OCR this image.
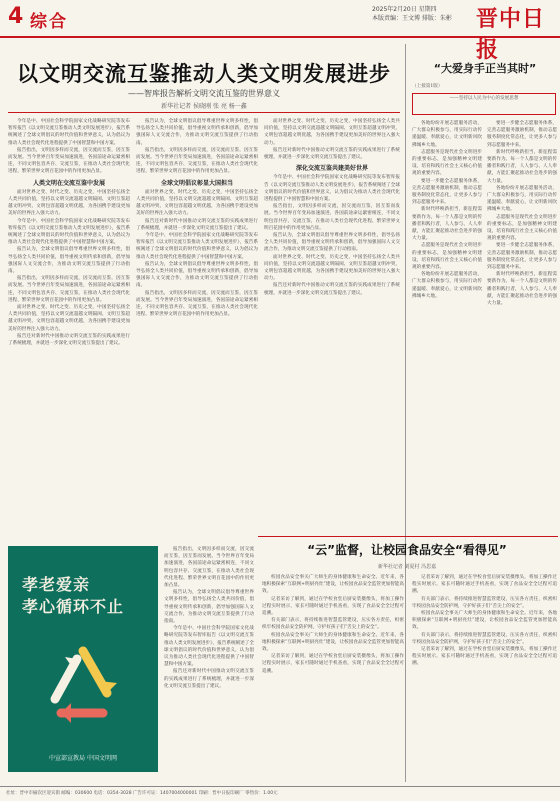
4 综合
2025年2月20日 星期四
本版责编：王文博 排版：朱彬 晋中日报
以文明交流互鉴推动人类文明发展进步
——智库报告解析文明交流互鉴的世界意义
新华社记者 侯晓刚 张 亮 杨一鑫

今年是中、中国社会科学院国家文化战略研究院等发布智库报告《以文明交流互鉴推动人类文明发展进步》，报告系统阐述了全球文明倡议的时代价值和世界意义，认为倡议为推动人类社会现代化进程提供了中国智慧和中国方案。

报告指出，文明因多样而交流，因交流而互鉴，因互鉴而发展。当今世界百年变局加速演进，各国前途命运紧密相连，不同文明包容共存、交流互鉴，在推动人类社会现代化进程、繁荣世界文明百花园中的作用更加凸显。

人类文明在交流互鉴中发展

面对世界之变、时代之变、历史之变，中国坚持弘扬全人类共同价值，坚持以文明交流超越文明隔阂、文明互鉴超越文明冲突、文明包容超越文明优越，为各国携手建设更加美好的世界注入强大动力。

今年是中、中国社会科学院国家文化战略研究院等发布智库报告《以文明交流互鉴推动人类文明发展进步》，报告系统阐述了全球文明倡议的时代价值和世界意义，认为倡议为推动人类社会现代化进程提供了中国智慧和中国方案。

报告认为，全球文明倡议倡导尊重世界文明多样性，倡导弘扬全人类共同价值，倡导重视文明传承和创新，倡导加强国际人文交流合作，为推动文明交流互鉴提供了行动指南。

报告指出，文明因多样而交流，因交流而互鉴，因互鉴而发展。当今世界百年变局加速演进，各国前途命运紧密相连，不同文明包容共存、交流互鉴，在推动人类社会现代化进程、繁荣世界文明百花园中的作用更加凸显。

面对世界之变、时代之变、历史之变，中国坚持弘扬全人类共同价值，坚持以文明交流超越文明隔阂、文明互鉴超越文明冲突、文明包容超越文明优越，为各国携手建设更加美好的世界注入强大动力。

报告还对新时代中国推动文明交流互鉴的实践成果进行了系统梳理，并就进一步深化文明交流互鉴提出了建议。

报告认为，全球文明倡议倡导尊重世界文明多样性，倡导弘扬全人类共同价值，倡导重视文明传承和创新，倡导加强国际人文交流合作，为推动文明交流互鉴提供了行动指南。

报告指出，文明因多样而交流，因交流而互鉴，因互鉴而发展。当今世界百年变局加速演进，各国前途命运紧密相连，不同文明包容共存、交流互鉴，在推动人类社会现代化进程、繁荣世界文明百花园中的作用更加凸显。

全球文明倡议彰显大国担当

面对世界之变、时代之变、历史之变，中国坚持弘扬全人类共同价值，坚持以文明交流超越文明隔阂、文明互鉴超越文明冲突、文明包容超越文明优越，为各国携手建设更加美好的世界注入强大动力。

报告还对新时代中国推动文明交流互鉴的实践成果进行了系统梳理，并就进一步深化文明交流互鉴提出了建议。

今年是中、中国社会科学院国家文化战略研究院等发布智库报告《以文明交流互鉴推动人类文明发展进步》，报告系统阐述了全球文明倡议的时代价值和世界意义，认为倡议为推动人类社会现代化进程提供了中国智慧和中国方案。

报告认为，全球文明倡议倡导尊重世界文明多样性，倡导弘扬全人类共同价值，倡导重视文明传承和创新，倡导加强国际人文交流合作，为推动文明交流互鉴提供了行动指南。

报告指出，文明因多样而交流，因交流而互鉴，因互鉴而发展。当今世界百年变局加速演进，各国前途命运紧密相连，不同文明包容共存、交流互鉴，在推动人类社会现代化进程、繁荣世界文明百花园中的作用更加凸显。

面对世界之变、时代之变、历史之变，中国坚持弘扬全人类共同价值，坚持以文明交流超越文明隔阂、文明互鉴超越文明冲突、文明包容超越文明优越，为各国携手建设更加美好的世界注入强大动力。

报告还对新时代中国推动文明交流互鉴的实践成果进行了系统梳理，并就进一步深化文明交流互鉴提出了建议。

深化交流互鉴共建美好世界

今年是中、中国社会科学院国家文化战略研究院等发布智库报告《以文明交流互鉴推动人类文明发展进步》，报告系统阐述了全球文明倡议的时代价值和世界意义，认为倡议为推动人类社会现代化进程提供了中国智慧和中国方案。

报告指出，文明因多样而交流，因交流而互鉴，因互鉴而发展。当今世界百年变局加速演进，各国前途命运紧密相连，不同文明包容共存、交流互鉴，在推动人类社会现代化进程、繁荣世界文明百花园中的作用更加凸显。

报告认为，全球文明倡议倡导尊重世界文明多样性，倡导弘扬全人类共同价值，倡导重视文明传承和创新，倡导加强国际人文交流合作，为推动文明交流互鉴提供了行动指南。

面对世界之变、时代之变、历史之变，中国坚持弘扬全人类共同价值，坚持以文明交流超越文明隔阂、文明互鉴超越文明冲突、文明包容超越文明优越，为各国携手建设更加美好的世界注入强大动力。

报告还对新时代中国推动文明交流互鉴的实践成果进行了系统梳理，并就进一步深化文明交流互鉴提出了建议。

报告指出，文明因多样而交流，因交流而互鉴，因互鉴而发展。当今世界百年变局加速演进，各国前途命运紧密相连，不同文明包容共存、交流互鉴，在推动人类社会现代化进程、繁荣世界文明百花园中的作用更加凸显。

报告认为，全球文明倡议倡导尊重世界文明多样性，倡导弘扬全人类共同价值，倡导重视文明传承和创新，倡导加强国际人文交流合作，为推动文明交流互鉴提供了行动指南。

今年是中、中国社会科学院国家文化战略研究院等发布智库报告《以文明交流互鉴推动人类文明发展进步》，报告系统阐述了全球文明倡议的时代价值和世界意义，认为倡议为推动人类社会现代化进程提供了中国智慧和中国方案。

报告还对新时代中国推动文明交流互鉴的实践成果进行了系统梳理，并就进一步深化文明交流互鉴提出了建议。

孝老爱亲
孝心循环不止
中宣部宣教局 中国文明网
“大爱身手正当其时”
（上接第1版）
——坚持以人民为中心的发展思想

各地纷纷开展志愿服务活动，广大群众积极参与，用实际行动传递温暖、奉献爱心，让文明新风吹拂城乡大地。

志愿服务是现代社会文明进步的重要标志，是加强精神文明建设、培育和践行社会主义核心价值观的重要内容。

要进一步健全志愿服务体系，完善志愿服务激励机制，推动志愿服务制度化常态化，让更多人参与到志愿服务中来。

新时代呼唤新担当，新征程需要新作为。每一个人都是文明的传播者和践行者，人人参与、人人奉献，方能汇聚起推动社会进步的强大力量。

志愿服务是现代社会文明进步的重要标志，是加强精神文明建设、培育和践行社会主义核心价值观的重要内容。

各地纷纷开展志愿服务活动，广大群众积极参与，用实际行动传递温暖、奉献爱心，让文明新风吹拂城乡大地。

要进一步健全志愿服务体系，完善志愿服务激励机制，推动志愿服务制度化常态化，让更多人参与到志愿服务中来。

新时代呼唤新担当，新征程需要新作为。每一个人都是文明的传播者和践行者，人人参与、人人奉献，方能汇聚起推动社会进步的强大力量。

各地纷纷开展志愿服务活动，广大群众积极参与，用实际行动传递温暖、奉献爱心，让文明新风吹拂城乡大地。

志愿服务是现代社会文明进步的重要标志，是加强精神文明建设、培育和践行社会主义核心价值观的重要内容。

要进一步健全志愿服务体系，完善志愿服务激励机制，推动志愿服务制度化常态化，让更多人参与到志愿服务中来。

新时代呼唤新担当，新征程需要新作为。每一个人都是文明的传播者和践行者，人人参与、人人奉献，方能汇聚起推动社会进步的强大力量。

“云”监督，让校园食品安全“看得见”
新华社记者 刘夏村 冯思嘉

校园食品安全事关广大师生的身体健康和生命安全。近年来，各地积极探索“互联网+明厨亮灶”建设，让校园食品安全监管更加智能高效。

记者采访了解到，通过在学校食堂后厨安装摄像头，将加工操作过程实时展示，家长可随时通过手机查看，实现了食品安全全过程可追溯。

有关部门表示，将持续推进智慧监管建设，压实各方责任，织密织牢校园食品安全防护网，守护好孩子们“舌尖上的安全”。

校园食品安全事关广大师生的身体健康和生命安全。近年来，各地积极探索“互联网+明厨亮灶”建设，让校园食品安全监管更加智能高效。

记者采访了解到，通过在学校食堂后厨安装摄像头，将加工操作过程实时展示，家长可随时通过手机查看，实现了食品安全全过程可追溯。

记者采访了解到，通过在学校食堂后厨安装摄像头，将加工操作过程实时展示，家长可随时通过手机查看，实现了食品安全全过程可追溯。

有关部门表示，将持续推进智慧监管建设，压实各方责任，织密织牢校园食品安全防护网，守护好孩子们“舌尖上的安全”。

校园食品安全事关广大师生的身体健康和生命安全。近年来，各地积极探索“互联网+明厨亮灶”建设，让校园食品安全监管更加智能高效。

有关部门表示，将持续推进智慧监管建设，压实各方责任，织密织牢校园食品安全防护网，守护好孩子们“舌尖上的安全”。

记者采访了解到，通过在学校食堂后厨安装摄像头，将加工操作过程实时展示，家长可随时通过手机查看，实现了食品安全全过程可追溯。

社址：晋中市榆次区迎宾街 邮编：030600 电话：0354-3028 广告许可证：1407004000001 印刷：晋中日报印刷厂 零售价：1.00元
